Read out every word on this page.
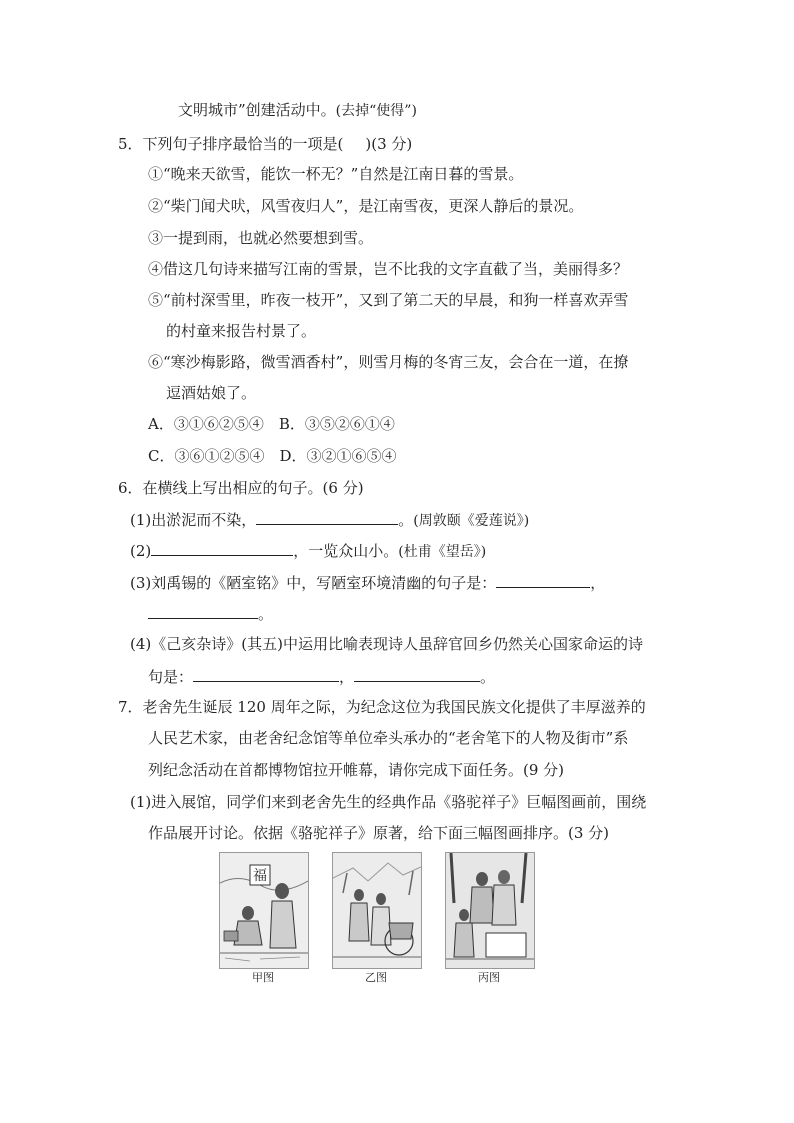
文明城市”创建活动中。(去掉“使得”)
5．下列句子排序最恰当的一项是( )(3 分)
①“晚来天欲雪，能饮一杯无？”自然是江南日暮的雪景。
②“柴门闻犬吠，风雪夜归人”，是江南雪夜，更深人静后的景况。
③一提到雨，也就必然要想到雪。
④借这几句诗来描写江南的雪景，岂不比我的文字直截了当，美丽得多？
⑤“前村深雪里，昨夜一枝开”，又到了第二天的早晨，和狗一样喜欢弄雪
的村童来报告村景了。
⑥“寒沙梅影路，微雪酒香村”，则雪月梅的冬宵三友，会合在一道，在撩
逗酒姑娘了。
A．③①⑥②⑤④　B．③⑤②⑥①④
C．③⑥①②⑤④　D．③②①⑥⑤④
6．在横线上写出相应的句子。(6 分)
(1)出淤泥而不染，	。(周敦颐《爱莲说》)
(2)	，一览众山小。(杜甫《望岳》)
(3)刘禹锡的《陋室铭》中，写陋室环境清幽的句子是：	，
。
(4)《己亥杂诗》(其五)中运用比喻表现诗人虽辞官回乡仍然关心国家命运的诗
句是：	，	。
7．老舍先生诞辰 120 周年之际，为纪念这位为我国民族文化提供了丰厚滋养的
人民艺术家，由老舍纪念馆等单位牵头承办的“老舍笔下的人物及街市”系
列纪念活动在首都博物馆拉开帷幕，请你完成下面任务。(9 分)
(1)进入展馆，同学们来到老舍先生的经典作品《骆驼祥子》巨幅图画前，围绕
作品展开讨论。依据《骆驼祥子》原著，给下面三幅图画排序。(3 分)
福
甲图	乙图	丙图
